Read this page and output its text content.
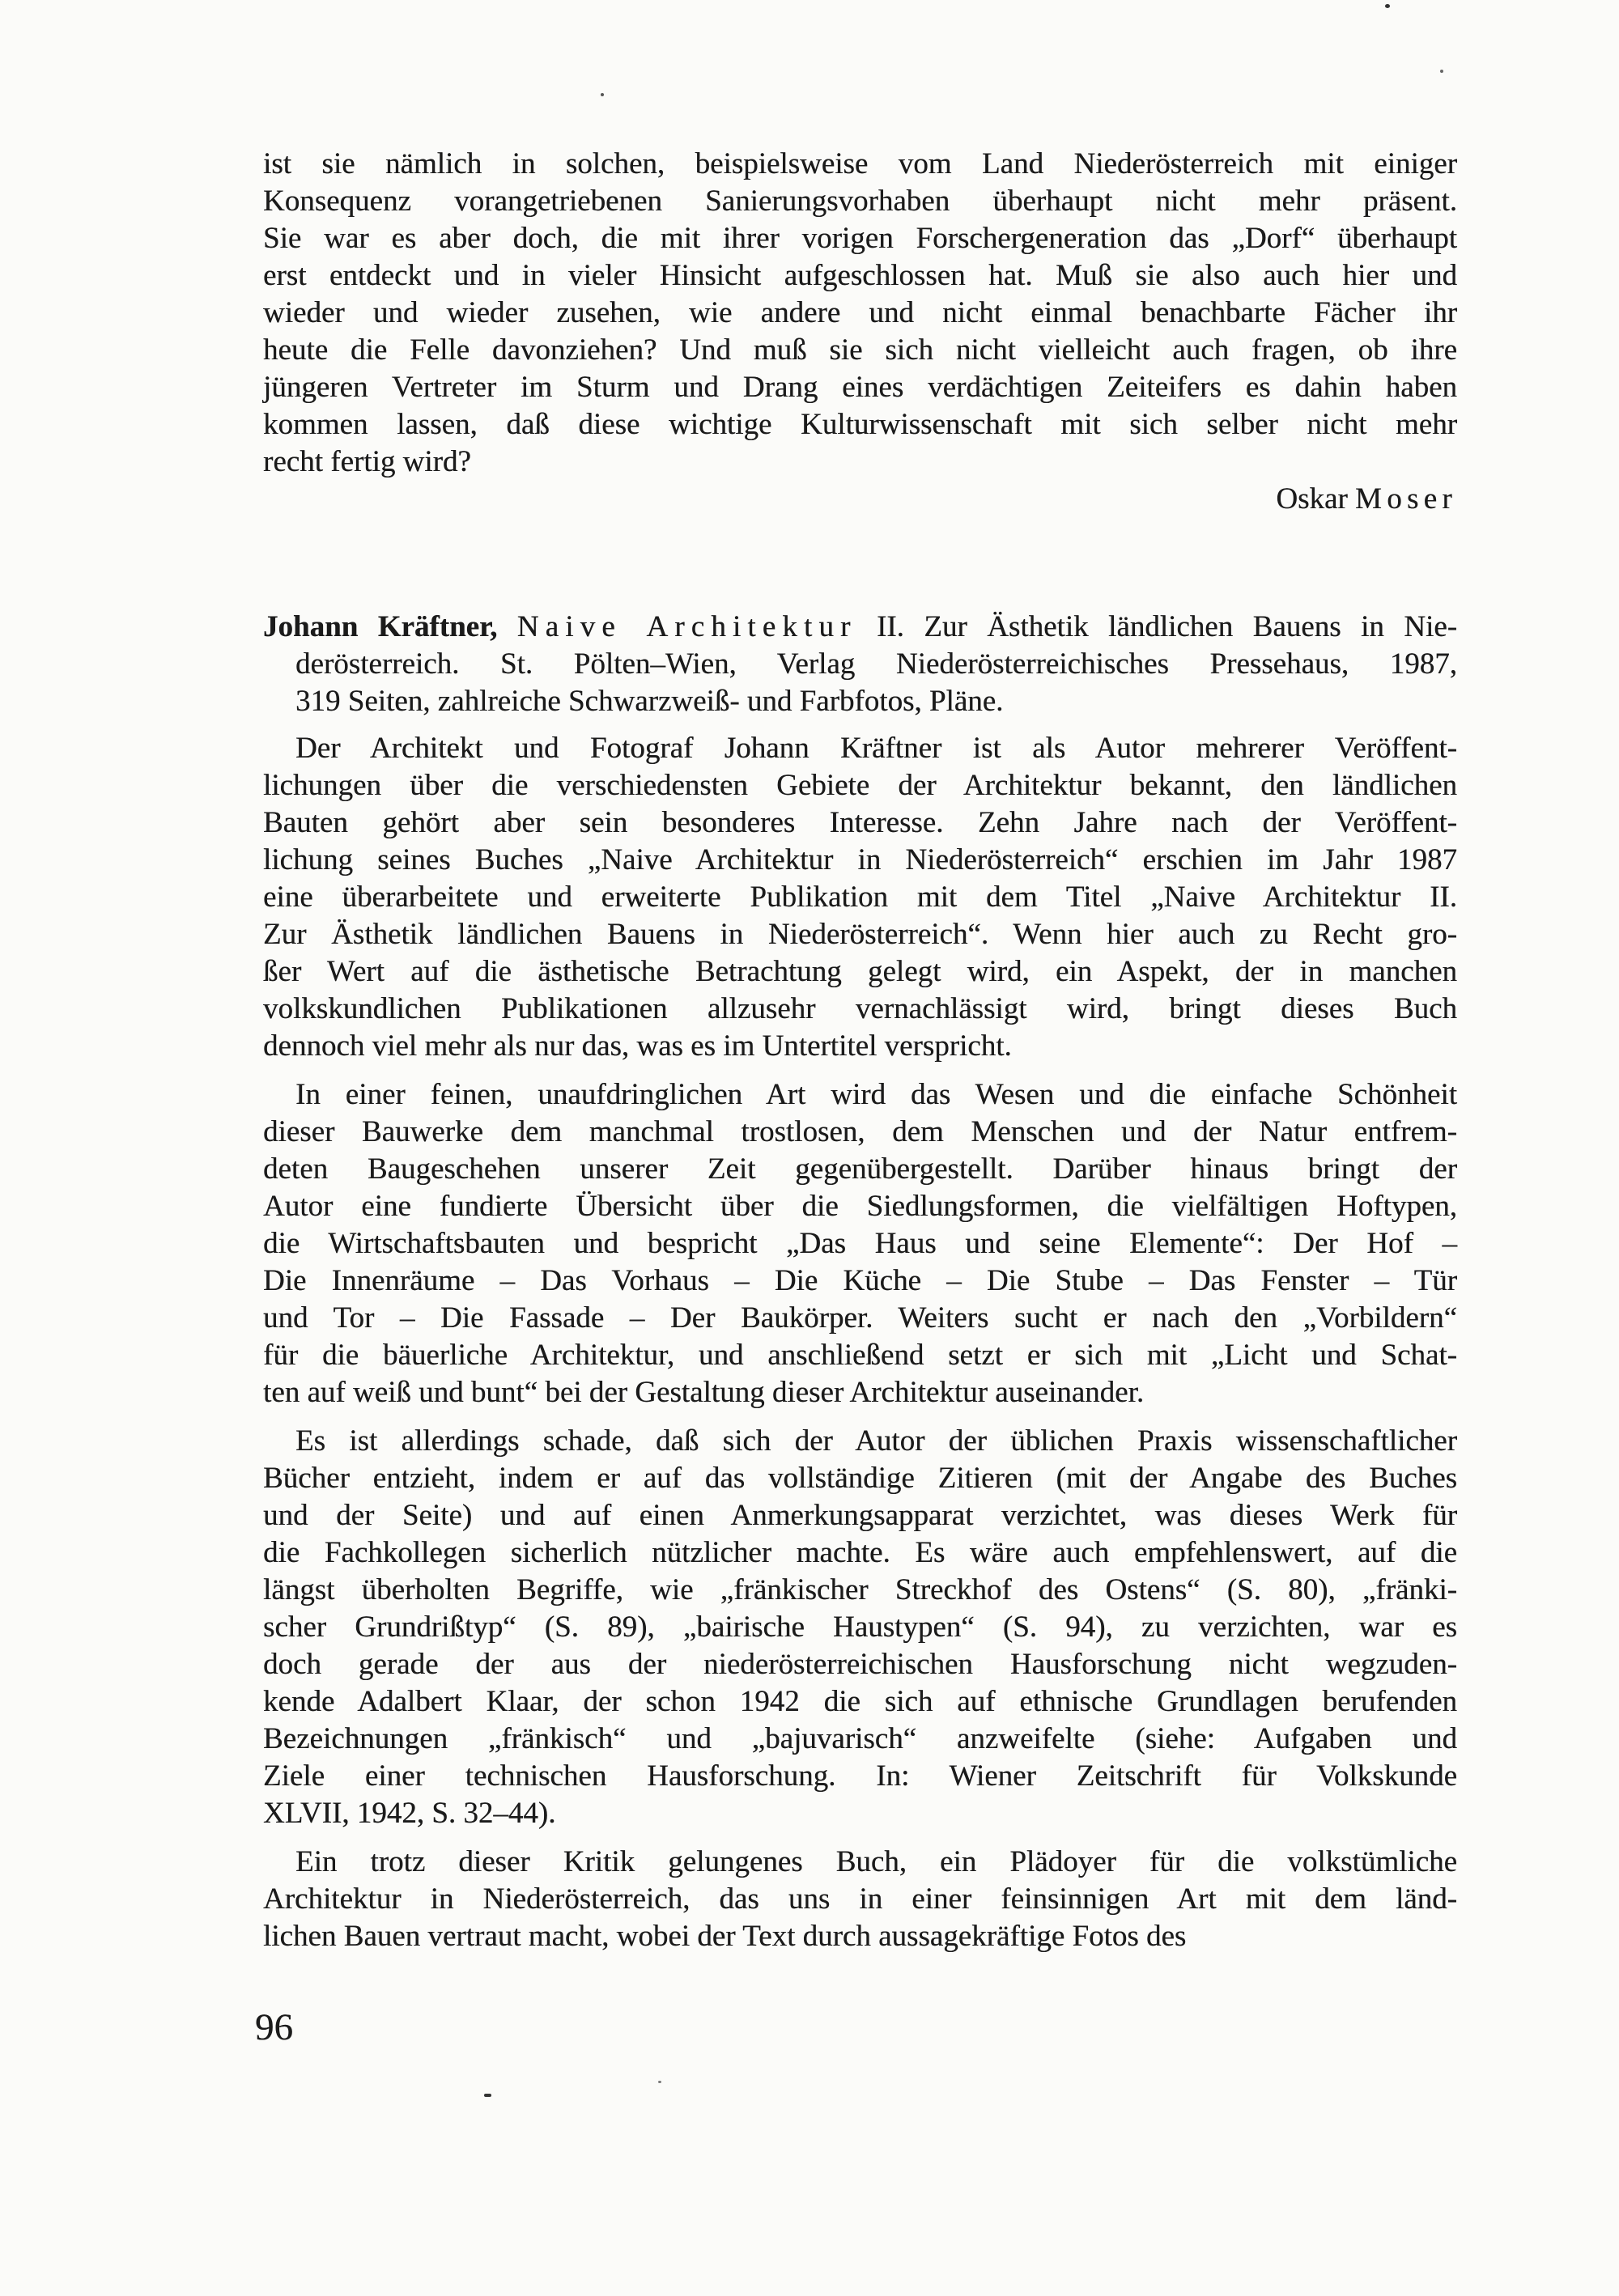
ist sie nämlich in solchen, beispielsweise vom Land Niederösterreich mit einiger
Konsequenz vorangetriebenen Sanierungsvorhaben überhaupt nicht mehr präsent.
Sie war es aber doch, die mit ihrer vorigen Forschergeneration das „Dorf“ überhaupt
erst entdeckt und in vieler Hinsicht aufgeschlossen hat. Muß sie also auch hier und
wieder und wieder zusehen, wie andere und nicht einmal benachbarte Fächer ihr
heute die Felle davonziehen? Und muß sie sich nicht vielleicht auch fragen, ob ihre
jüngeren Vertreter im Sturm und Drang eines verdächtigen Zeiteifers es dahin haben
kommen lassen, daß diese wichtige Kulturwissenschaft mit sich selber nicht mehr
recht fertig wird?
Oskar Moser
Johann Kräftner, Naive Architektur II. Zur Ästhetik ländlichen Bauens in Nie-
derösterreich. St. Pölten–Wien, Verlag Niederösterreichisches Pressehaus, 1987,
319 Seiten, zahlreiche Schwarzweiß- und Farbfotos, Pläne.
Der Architekt und Fotograf Johann Kräftner ist als Autor mehrerer Veröffent-
lichungen über die verschiedensten Gebiete der Architektur bekannt, den ländlichen
Bauten gehört aber sein besonderes Interesse. Zehn Jahre nach der Veröffent-
lichung seines Buches „Naive Architektur in Niederösterreich“ erschien im Jahr 1987
eine überarbeitete und erweiterte Publikation mit dem Titel „Naive Architektur II.
Zur Ästhetik ländlichen Bauens in Niederösterreich“. Wenn hier auch zu Recht gro-
ßer Wert auf die ästhetische Betrachtung gelegt wird, ein Aspekt, der in manchen
volkskundlichen Publikationen allzusehr vernachlässigt wird, bringt dieses Buch
dennoch viel mehr als nur das, was es im Untertitel verspricht.
In einer feinen, unaufdringlichen Art wird das Wesen und die einfache Schönheit
dieser Bauwerke dem manchmal trostlosen, dem Menschen und der Natur entfrem-
deten Baugeschehen unserer Zeit gegenübergestellt. Darüber hinaus bringt der
Autor eine fundierte Übersicht über die Siedlungsformen, die vielfältigen Hoftypen,
die Wirtschaftsbauten und bespricht „Das Haus und seine Elemente“: Der Hof –
Die Innenräume – Das Vorhaus – Die Küche – Die Stube – Das Fenster – Tür
und Tor – Die Fassade – Der Baukörper. Weiters sucht er nach den „Vorbildern“
für die bäuerliche Architektur, und anschließend setzt er sich mit „Licht und Schat-
ten auf weiß und bunt“ bei der Gestaltung dieser Architektur auseinander.
Es ist allerdings schade, daß sich der Autor der üblichen Praxis wissenschaftlicher
Bücher entzieht, indem er auf das vollständige Zitieren (mit der Angabe des Buches
und der Seite) und auf einen Anmerkungsapparat verzichtet, was dieses Werk für
die Fachkollegen sicherlich nützlicher machte. Es wäre auch empfehlenswert, auf die
längst überholten Begriffe, wie „fränkischer Streckhof des Ostens“ (S. 80), „fränki-
scher Grundrißtyp“ (S. 89), „bairische Haustypen“ (S. 94), zu verzichten, war es
doch gerade der aus der niederösterreichischen Hausforschung nicht wegzuden-
kende Adalbert Klaar, der schon 1942 die sich auf ethnische Grundlagen berufenden
Bezeichnungen „fränkisch“ und „bajuvarisch“ anzweifelte (siehe: Aufgaben und
Ziele einer technischen Hausforschung. In: Wiener Zeitschrift für Volkskunde
XLVII, 1942, S. 32–44).
Ein trotz dieser Kritik gelungenes Buch, ein Plädoyer für die volkstümliche
Architektur in Niederösterreich, das uns in einer feinsinnigen Art mit dem länd-
lichen Bauen vertraut macht, wobei der Text durch aussagekräftige Fotos des
96
